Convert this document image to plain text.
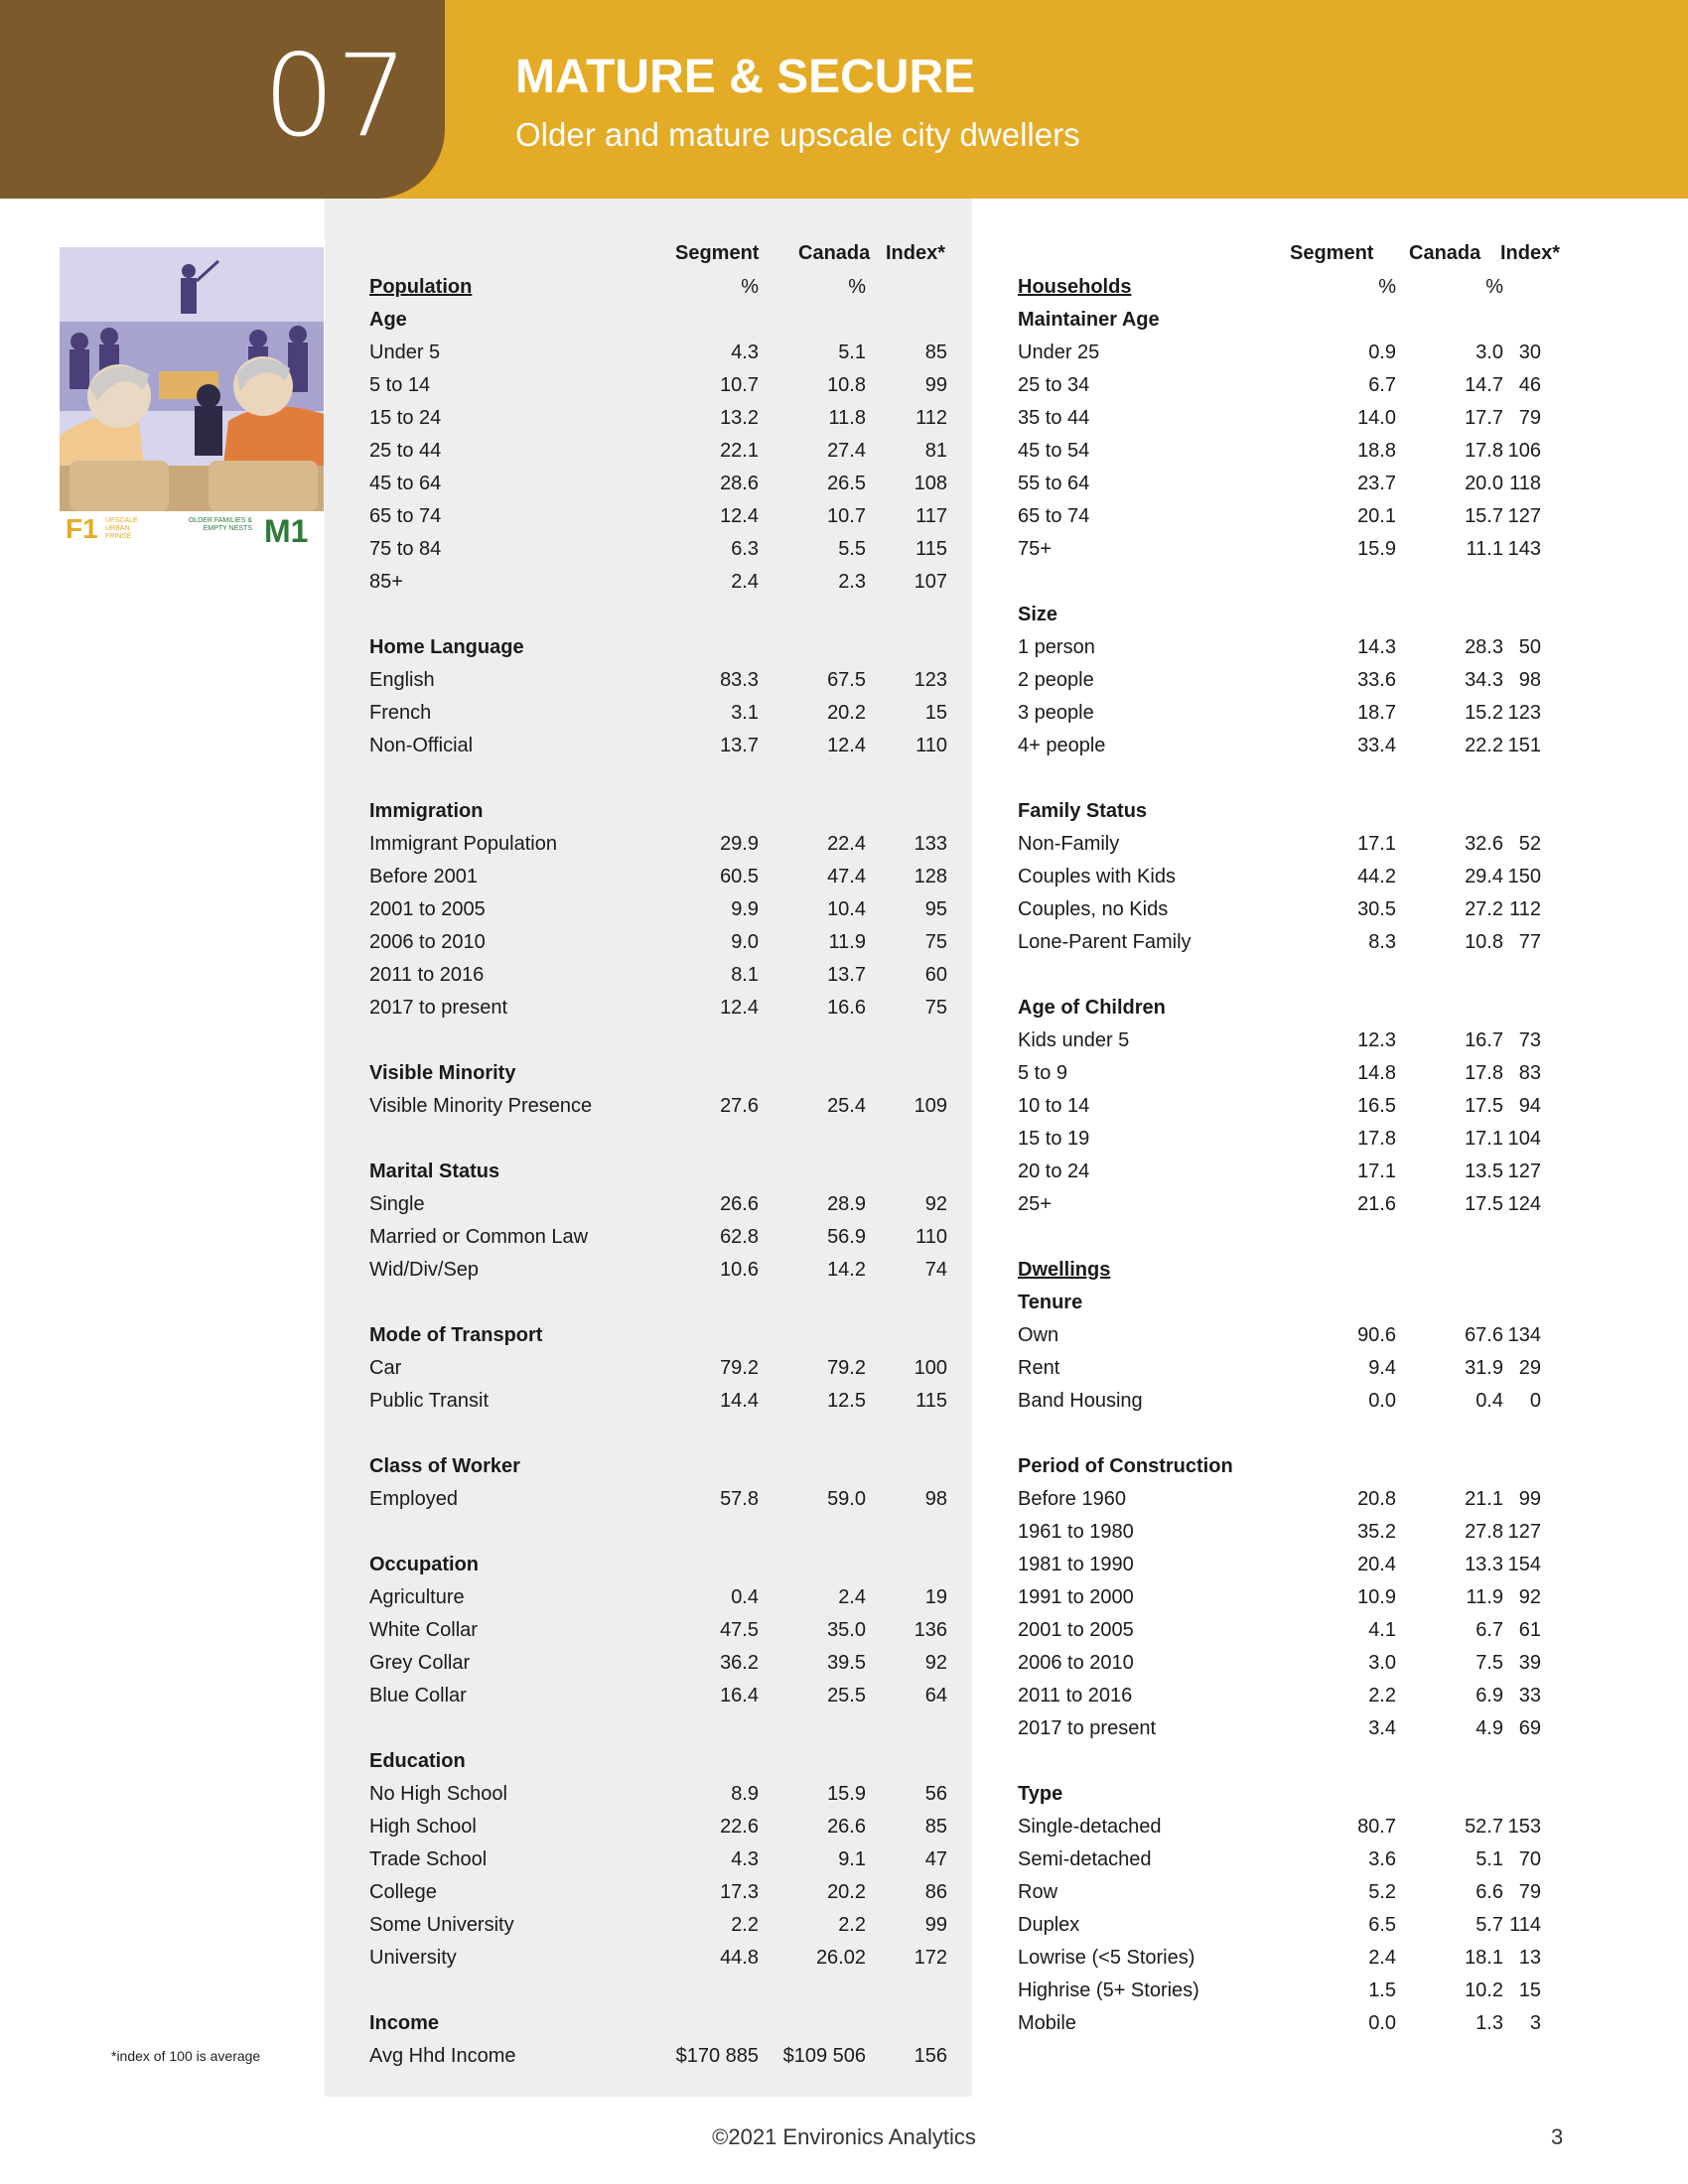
07 MATURE & SECURE
Older and mature upscale city dwellers
F1 UPSCALE URBAN FRINGE
OLDER FAMILIES & EMPTY NESTS M1
Segment Canada Index*	Segment Canada Index*
Population	%	%
Age
Under 5	4.3	5.1	85
5 to 14	10.7	10.8	99
15 to 24	13.2	11.8	112
25 to 44	22.1	27.4	81
45 to 64	28.6	26.5 108
65 to 74	12.4	10.7	117
75 to 84	6.3	5.5	115
85+	2.4	2.3 107
Home Language
English	83.3	67.5 123
French	3.1	20.2	15
Non-Official	13.7	12.4	110
Immigration
Immigrant Population	29.9	22.4 133
Before 2001	60.5	47.4 128
2001 to 2005	9.9	10.4	95
2006 to 2010	9.0	11.9	75
2011 to 2016	8.1	13.7	60
2017 to present	12.4	16.6	75
Visible Minority
Visible Minority Presence	27.6	25.4 109
Marital Status
Single	26.6	28.9	92
Married or Common Law	62.8	56.9	110
Wid/Div/Sep	10.6	14.2	74
Mode of Transport
Car	79.2	79.2 100
Public Transit	14.4	12.5	115
Class of Worker
Employed	57.8	59.0	98
Occupation
Agriculture	0.4	2.4	19
White Collar	47.5	35.0 136
Grey Collar	36.2	39.5	92
Blue Collar	16.4	25.5	64
Education
No High School	8.9	15.9	56
High School	22.6	26.6	85
Trade School	4.3	9.1	47
College	17.3	20.2	86
Some University	2.2	2.2	99
University	44.8	26.02 172
Income
Avg Hhd Income	$170 885 $109 506 156
Households	%	%
Maintainer Age
Under 25	0.9	3.0 30
25 to 34	6.7	14.7 46
35 to 44	14.0	17.7 79
45 to 54	18.8	17.8 106
55 to 64	23.7	20.0 118
65 to 74	20.1	15.7 127
75+	15.9	11.1 143
Size
1 person	14.3	28.3 50
2 people	33.6	34.3 98
3 people	18.7	15.2 123
4+ people	33.4	22.2 151
Family Status
Non-Family	17.1	32.6 52
Couples with Kids	44.2	29.4 150
Couples, no Kids	30.5	27.2 112
Lone-Parent Family	8.3	10.8 77
Age of Children
Kids under 5	12.3	16.7 73
5 to 9	14.8	17.8 83
10 to 14	16.5	17.5 94
15 to 19	17.8	17.1 104
20 to 24	17.1	13.5 127
25+	21.6	17.5 124
Dwellings
Tenure
Own	90.6	67.6 134
Rent	9.4	31.9 29
Band Housing	0.0	0.4 0
Period of Construction
Before 1960	20.8	21.1 99
1961 to 1980	35.2	27.8 127
1981 to 1990	20.4	13.3 154
1991 to 2000	10.9	11.9 92
2001 to 2005	4.1	6.7 61
2006 to 2010	3.0	7.5 39
2011 to 2016	2.2	6.9 33
2017 to present	3.4	4.9 69
Type
Single-detached	80.7	52.7 153
Semi-detached	3.6	5.1 70
Row	5.2	6.6 79
Duplex	6.5	5.7 114
Lowrise (<5 Stories)	2.4	18.1 13
Highrise (5+ Stories)	1.5	10.2 15
Mobile	0.0	1.3 3
*index of 100 is average
©2021 Environics Analytics	3
